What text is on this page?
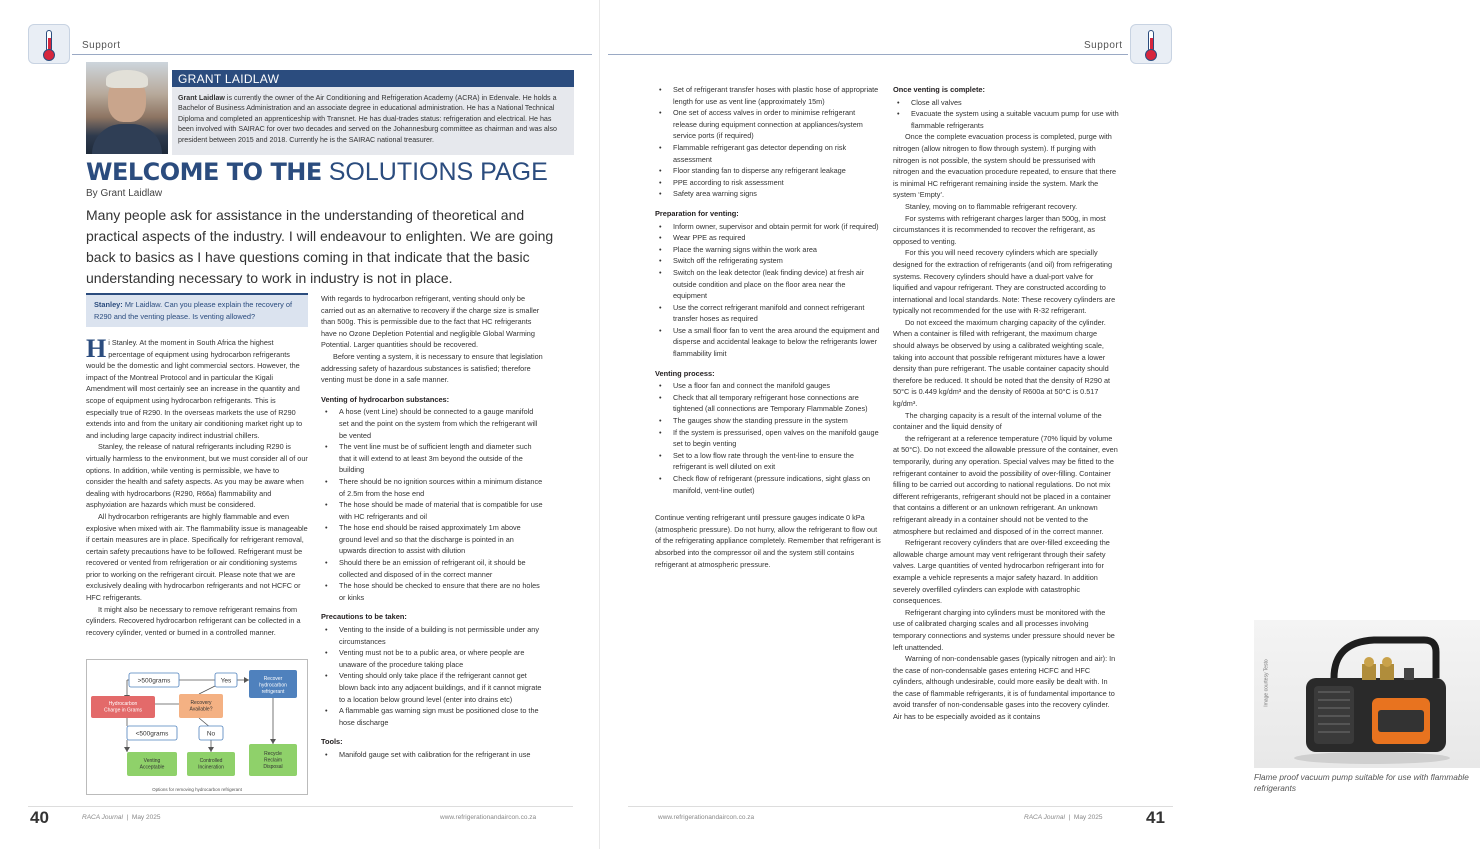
Support
GRANT LAIDLAW
Grant Laidlaw is currently the owner of the Air Conditioning and Refrigeration Academy (ACRA) in Edenvale. He holds a Bachelor of Business Administration and an associate degree in educational administration. He has a National Technical Diploma and completed an apprenticeship with Transnet. He has dual-trades status: refrigeration and electrical. He has been involved with SAIRAC for over two decades and served on the Johannesburg committee as chairman and was also president between 2015 and 2018. Currently he is the SAIRAC national treasurer.
WELCOME TO THE SOLUTIONS PAGE
By Grant Laidlaw
Many people ask for assistance in the understanding of theoretical and practical aspects of the industry. I will endeavour to enlighten. We are going back to basics as I have questions coming in that indicate that the basic understanding necessary to work in industry is not in place.
Stanley: Mr Laidlaw. Can you please explain the recovery of R290 and the venting please. Is venting allowed?

Hi Stanley. At the moment in South Africa the highest percentage of equipment using hydrocarbon refrigerants would be the domestic and light commercial sectors. However, the impact of the Montreal Protocol and in particular the Kigali Amendment will most certainly see an increase in the quantity and scope of equipment using hydrocarbon refrigerants. This is especially true of R290. In the overseas markets the use of R290 extends into and from the unitary air conditioning market right up to and including large capacity indirect industrial chillers.

Stanley, the release of natural refrigerants including R290 is virtually harmless to the environment, but we must consider all of our options. In addition, while venting is permissible, we have to consider the health and safety aspects. As you may be aware when dealing with hydrocarbons (R290, R66a) flammability and asphyxiation are hazards which must be considered.

All hydrocarbon refrigerants are highly flammable and even explosive when mixed with air. The flammability issue is manageable if certain measures are in place. Specifically for refrigerant removal, certain safety precautions have to be followed. Refrigerant must be recovered or vented from refrigeration or air conditioning systems prior to working on the refrigerant circuit. Please note that we are exclusively dealing with hydrocarbon refrigerants and not HCFC or HFC refrigerants.

It might also be necessary to remove refrigerant remains from cylinders. Recovered hydrocarbon refrigerant can be collected in a recovery cylinder, vented or burned in a controlled manner.

>500grams	Yes
<500grams	No
Recover
hydrocarbon
refrigerant
Hydrocarbon
Charge in Grams
Recovery
Available?
Venting
Acceptable
Controlled
Incineration
Recycle
Reclaim
Disposal
Options for removing hydrocarbon refrigerant

With regards to hydrocarbon refrigerant, venting should only be carried out as an alternative to recovery if the charge size is smaller than 500g. This is permissible due to the fact that HC refrigerants have no Ozone Depletion Potential and negligible Global Warming Potential. Larger quantities should be recovered.

Before venting a system, it is necessary to ensure that legislation addressing safety of hazardous substances is satisfied; therefore venting must be done in a safe manner.

Venting of hydrocarbon substances:
• A hose (vent Line) should be connected to a gauge manifold set and the point on the system from which the refrigerant will be vented
• The vent line must be of sufficient length and diameter such that it will extend to at least 3m beyond the outside of the building
• There should be no ignition sources within a minimum distance of 2.5m from the hose end
• The hose should be made of material that is compatible for use with HC refrigerants and oil
• The hose end should be raised approximately 1m above ground level and so that the discharge is pointed in an upwards direction to assist with dilution
• Should there be an emission of refrigerant oil, it should be collected and disposed of in the correct manner
• The hose should be checked to ensure that there are no holes or kinks
Precautions to be taken:
• Venting to the inside of a building is not permissible under any circumstances
• Venting must not be to a public area, or where people are unaware of the procedure taking place
• Venting should only take place if the refrigerant cannot get blown back into any adjacent buildings, and if it cannot migrate to a location below ground level (enter into drains etc)
• A flammable gas warning sign must be positioned close to the hose discharge
Tools:
• Manifold gauge set with calibration for the refrigerant in use
40	RACA Journal | May 2025	www.refrigerationandaircon.co.za
Support
• Set of refrigerant transfer hoses with plastic hose of appropriate length for use as vent line (approximately 15m)
• One set of access valves in order to minimise refrigerant release during equipment connection at appliances/system service ports (if required)
• Flammable refrigerant gas detector depending on risk assessment
• Floor standing fan to disperse any refrigerant leakage
• PPE according to risk assessment
• Safety area warning signs
Preparation for venting:
• Inform owner, supervisor and obtain permit for work (if required)
• Wear PPE as required
• Place the warning signs within the work area
• Switch off the refrigerating system
• Switch on the leak detector (leak finding device) at fresh air outside condition and place on the floor area near the equipment
• Use the correct refrigerant manifold and connect refrigerant transfer hoses as required
• Use a small floor fan to vent the area around the equipment and disperse and accidental leakage to below the refrigerants lower flammability limit
Venting process:
• Use a floor fan and connect the manifold gauges
• Check that all temporary refrigerant hose connections are tightened (all connections are Temporary Flammable Zones)
• The gauges show the standing pressure in the system
• If the system is pressurised, open valves on the manifold gauge set to begin venting
• Set to a low flow rate through the vent-line to ensure the refrigerant is well diluted on exit
• Check flow of refrigerant (pressure indications, sight glass on manifold, vent-line outlet)

Continue venting refrigerant until pressure gauges indicate 0 kPa (atmospheric pressure). Do not hurry, allow the refrigerant to flow out of the refrigerating appliance completely. Remember that refrigerant is absorbed into the compressor oil and the system still contains refrigerant at atmospheric pressure.

Image courtesy Testo
Flame proof vacuum pump suitable for use with flammable refrigerants
Once venting is complete:
• Close all valves
• Evacuate the system using a suitable vacuum pump for use with flammable refrigerants

Once the complete evacuation process is completed, purge with nitrogen (allow nitrogen to flow through system). If purging with nitrogen is not possible, the system should be pressurised with nitrogen and the evacuation procedure repeated, to ensure that there is minimal HC refrigerant remaining inside the system. Mark the system ‘Empty’.

Stanley, moving on to flammable refrigerant recovery.

For systems with refrigerant charges larger than 500g, in most circumstances it is recommended to recover the refrigerant, as opposed to venting.

For this you will need recovery cylinders which are specially designed for the extraction of refrigerants (and oil) from refrigerating systems. Recovery cylinders should have a dual-port valve for liquified and vapour refrigerant. They are constructed according to international and local standards. Note: These recovery cylinders are typically not recommended for the use with R-32 refrigerant.

Do not exceed the maximum charging capacity of the cylinder. When a container is filled with refrigerant, the maximum charge should always be observed by using a calibrated weighting scale, taking into account that possible refrigerant mixtures have a lower density than pure refrigerant. The usable container capacity should therefore be reduced. It should be noted that the density of R290 at 50°C is 0.449 kg/dm³ and the density of R600a at 50°C is 0.517 kg/dm³.

The charging capacity is a result of the internal volume of the container and the liquid density of

the refrigerant at a reference temperature (70% liquid by volume at 50°C). Do not exceed the allowable pressure of the container, even temporarily, during any operation. Special valves may be fitted to the refrigerant container to avoid the possibility of over-filling. Container filling to be carried out according to national regulations. Do not mix different refrigerants, refrigerant should not be placed in a container that contains a different or an unknown refrigerant. An unknown refrigerant already in a container should not be vented to the atmosphere but reclaimed and disposed of in the correct manner.

Refrigerant recovery cylinders that are over-filled exceeding the allowable charge amount may vent refrigerant through their safety valves. Large quantities of vented hydrocarbon refrigerant into for example a vehicle represents a major safety hazard. In addition severely overfilled cylinders can explode with catastrophic consequences.

Refrigerant charging into cylinders must be monitored with the use of calibrated charging scales and all processes involving temporary connections and systems under pressure should never be left unattended.

Warning of non-condensable gases (typically nitrogen and air): In the case of non-condensable gases entering HCFC and HFC cylinders, although undesirable, could more easily be dealt with. In the case of flammable refrigerants, it is of fundamental importance to avoid transfer of non-condensable gases into the recovery cylinder. Air has to be especially avoided as it contains

www.refrigerationandaircon.co.za	RACA Journal | May 2025	41
